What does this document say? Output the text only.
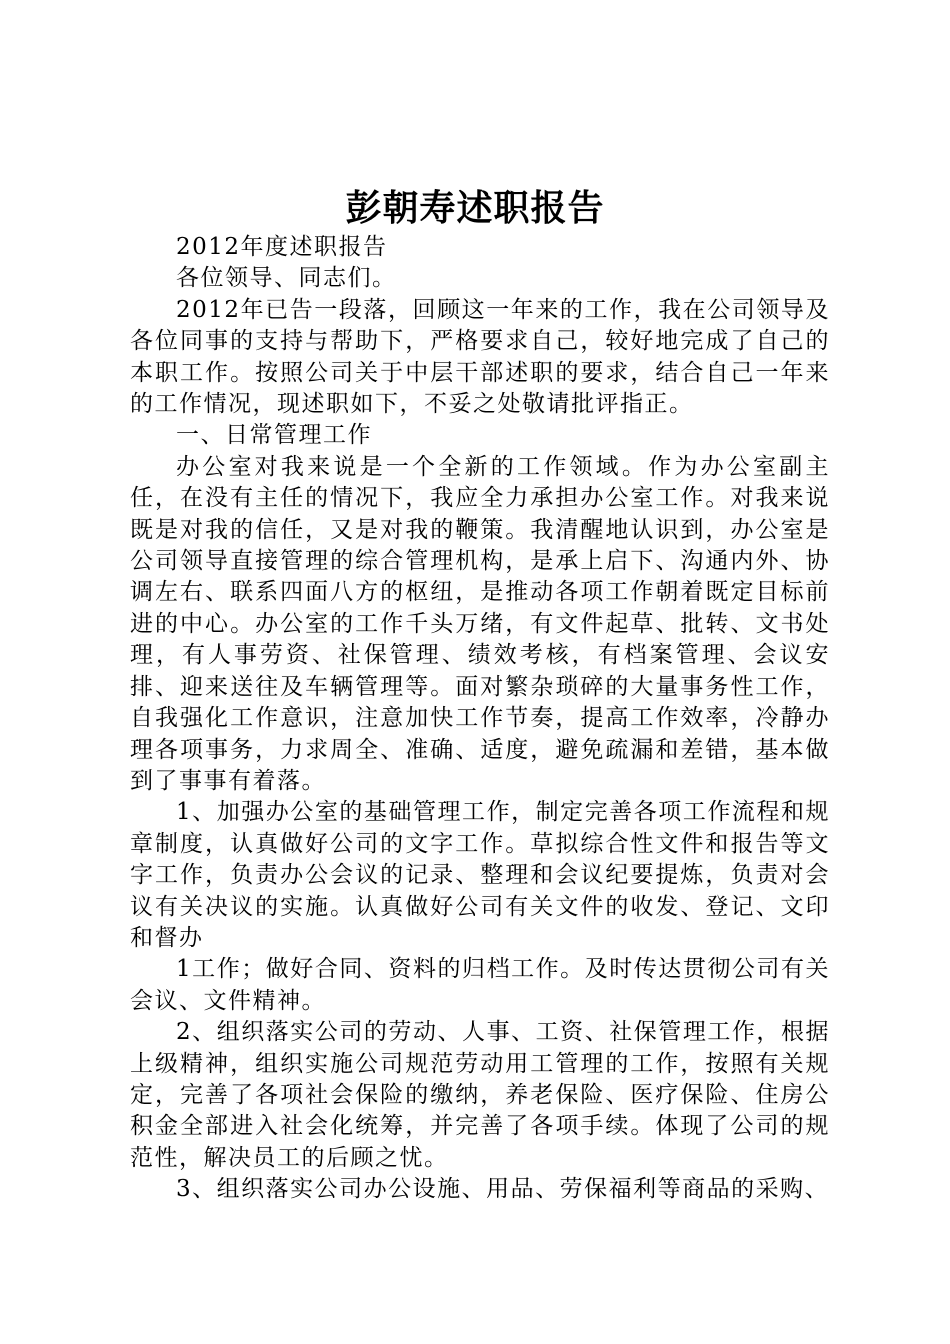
彭朝寿述职报告

2012年度述职报告

各位领导、同志们。

2012年已告一段落，回顾这一年来的工作，我在公司领导及各位同事的支持与帮助下，严格要求自己，较好地完成了自己的本职工作。按照公司关于中层干部述职的要求，结合自己一年来的工作情况，现述职如下，不妥之处敬请批评指正。

一、日常管理工作

办公室对我来说是一个全新的工作领域。作为办公室副主任，在没有主任的情况下，我应全力承担办公室工作。对我来说既是对我的信任，又是对我的鞭策。我清醒地认识到，办公室是公司领导直接管理的综合管理机构，是承上启下、沟通内外、协调左右、联系四面八方的枢纽，是推动各项工作朝着既定目标前进的中心。办公室的工作千头万绪，有文件起草、批转、文书处理，有人事劳资、社保管理、绩效考核，有档案管理、会议安排、迎来送往及车辆管理等。面对繁杂琐碎的大量事务性工作，自我强化工作意识，注意加快工作节奏，提高工作效率，冷静办理各项事务，力求周全、准确、适度，避免疏漏和差错，基本做到了事事有着落。

1、加强办公室的基础管理工作，制定完善各项工作流程和规章制度，认真做好公司的文字工作。草拟综合性文件和报告等文字工作，负责办公会议的记录、整理和会议纪要提炼，负责对会议有关决议的实施。认真做好公司有关文件的收发、登记、文印和督办

1工作；做好合同、资料的归档工作。及时传达贯彻公司有关会议、文件精神。

2、组织落实公司的劳动、人事、工资、社保管理工作，根据上级精神，组织实施公司规范劳动用工管理的工作，按照有关规定，完善了各项社会保险的缴纳，养老保险、医疗保险、住房公积金全部进入社会化统筹，并完善了各项手续。体现了公司的规范性，解决员工的后顾之忧。

3、组织落实公司办公设施、用品、劳保福利等商品的采购、
